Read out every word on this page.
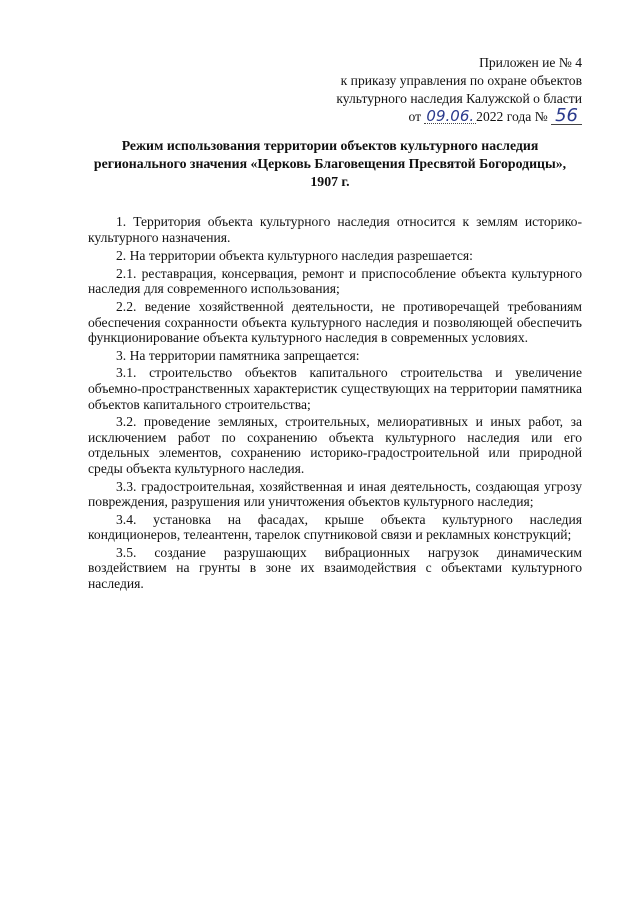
Приложен ие № 4
к приказу управления по охране объектов
культурного наследия Калужской о бласти
от 09.06. 2022 года № 56
Режим использования территории объектов культурного наследия
регионального значения «Церковь Благовещения Пресвятой Богородицы»,
1907 г.

1. Территория объекта культурного наследия относится к землям историко-культурного назначения.

2. На территории объекта культурного наследия разрешается:

2.1. реставрация, консервация, ремонт и приспособление объекта культурного наследия для современного использования;

2.2. ведение хозяйственной деятельности, не противоречащей требованиям обеспечения сохранности объекта культурного наследия и позволяющей обеспечить функционирование объекта культурного наследия в современных условиях.

3. На территории памятника запрещается:

3.1. строительство объектов капитального строительства и увеличение объемно-пространственных характеристик существующих на территории памятника объектов капитального строительства;

3.2. проведение земляных, строительных, мелиоративных и иных работ, за исключением работ по сохранению объекта культурного наследия или его отдельных элементов, сохранению историко-градостроительной или природной среды объекта культурного наследия.

3.3. градостроительная, хозяйственная и иная деятельность, создающая угрозу повреждения, разрушения или уничтожения объектов культурного наследия;

3.4. установка на фасадах, крыше объекта культурного наследия кондиционеров, телеантенн, тарелок спутниковой связи и рекламных конструкций;

3.5. создание разрушающих вибрационных нагрузок динамическим воздействием на грунты в зоне их взаимодействия с объектами культурного наследия.
